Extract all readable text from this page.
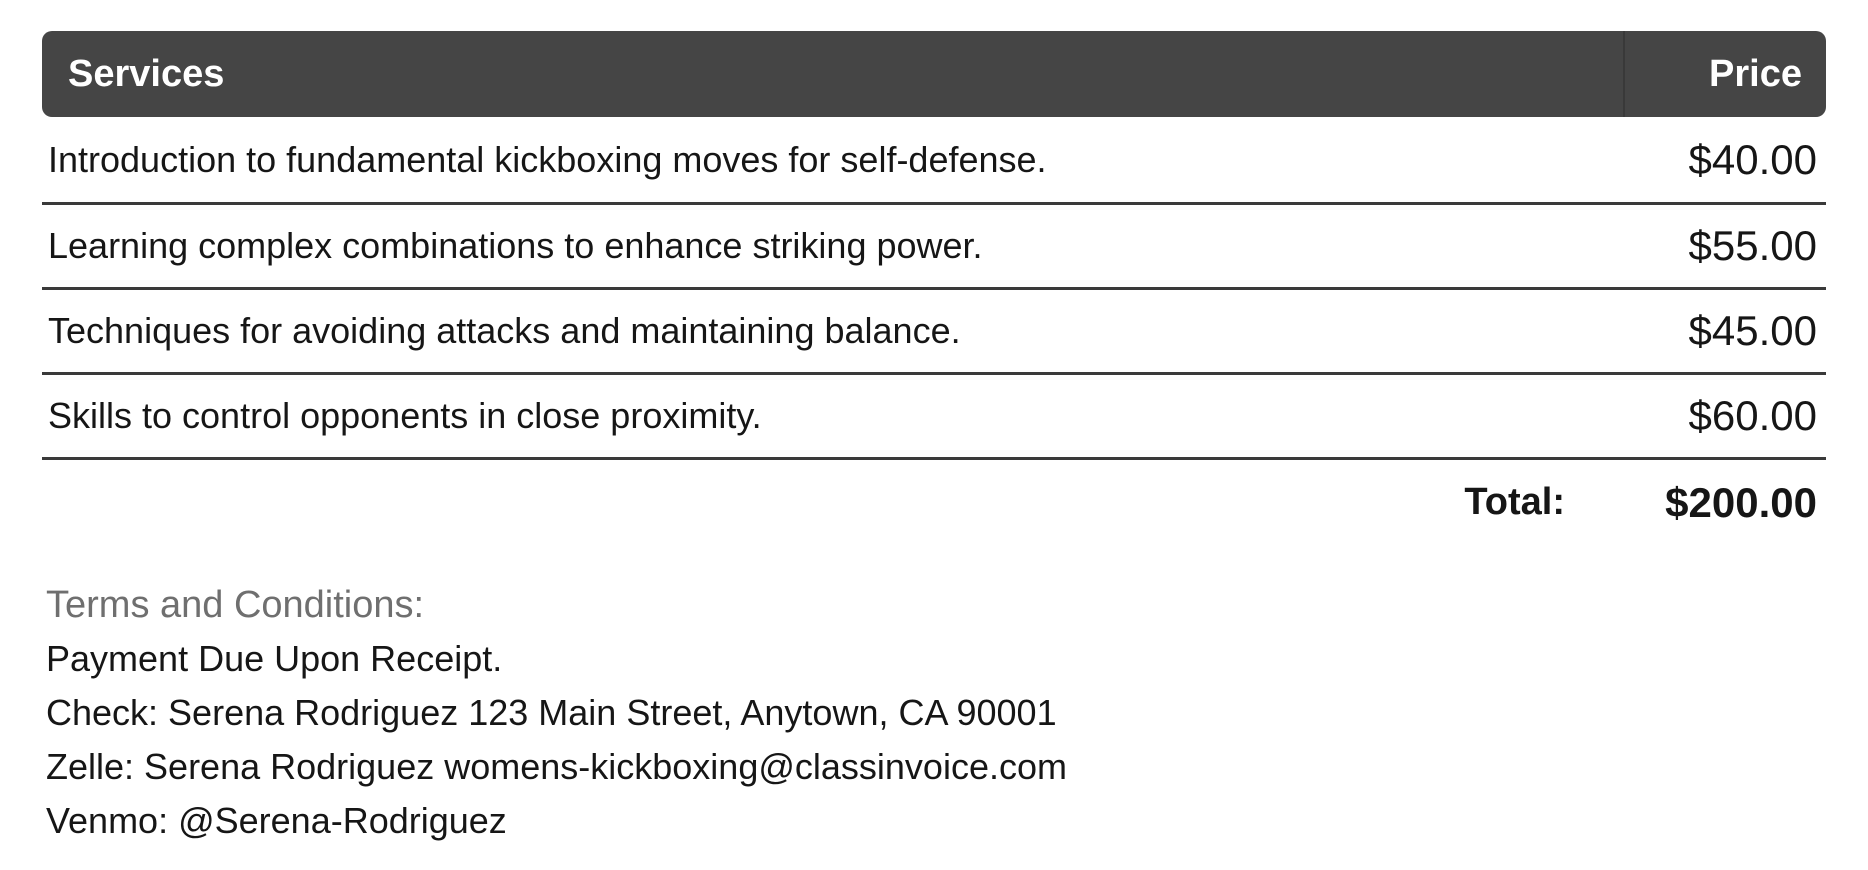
Services	Price
Introduction to fundamental kickboxing moves for self-defense.	$40.00
Learning complex combinations to enhance striking power.	$55.00
Techniques for avoiding attacks and maintaining balance.	$45.00
Skills to control opponents in close proximity.	$60.00
Total:	$200.00
Terms and Conditions:
Payment Due Upon Receipt.
Check: Serena Rodriguez 123 Main Street, Anytown, CA 90001
Zelle: Serena Rodriguez womens-kickboxing@classinvoice.com
Venmo: @Serena-Rodriguez
